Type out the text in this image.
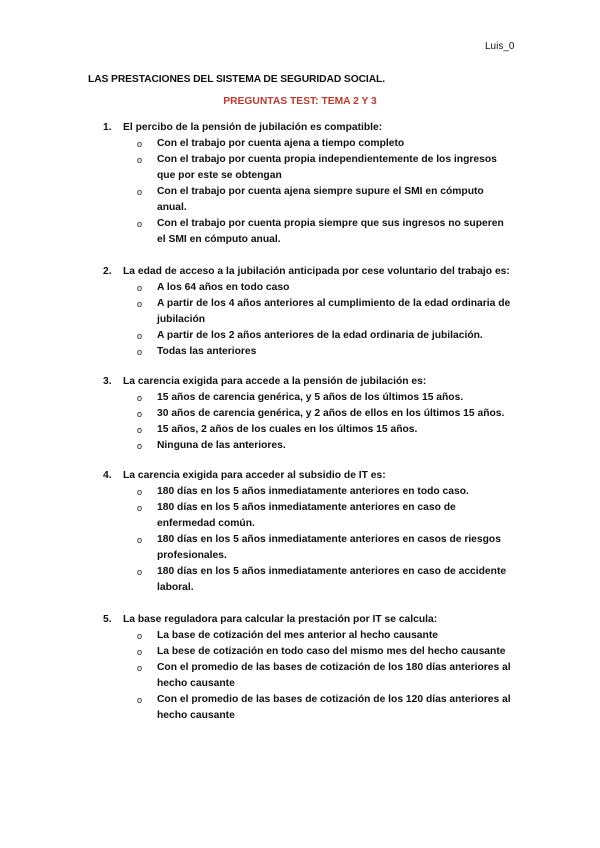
Luis_0
LAS PRESTACIONES DEL SISTEMA DE SEGURIDAD SOCIAL.
PREGUNTAS TEST: TEMA 2 Y 3
1.	El percibo de la pensión de jubilación es compatible:
o	Con el trabajo por cuenta ajena a tiempo completo
o	Con el trabajo por cuenta propia independientemente de los ingresos que por este se obtengan
o	Con el trabajo por cuenta ajena siempre supure el SMI en cómputo anual.
o	Con el trabajo por cuenta propia siempre que sus ingresos no superen el SMI en cómputo anual.
2.	La edad de acceso a la jubilación anticipada por cese voluntario del trabajo es:
o	A los 64 años en todo caso
o	A partir de los 4 años anteriores al cumplimiento de la edad ordinaria de jubilación
o	A partir de los 2 años anteriores de la edad ordinaria de jubilación.
o	Todas las anteriores
3.	La carencia exigida para accede a la pensión de jubilación es:
o	15 años de carencia genérica, y 5 años de los últimos 15 años.
o	30 años de carencia genérica, y 2 años de ellos en los últimos 15 años.
o	15 años, 2 años de los cuales en los últimos 15 años.
o	Ninguna de las anteriores.
4.	La carencia exigida para acceder al subsidio de IT es:
o	180 días en los 5 años inmediatamente anteriores en todo caso.
o	180 días en los 5 años inmediatamente anteriores en caso de enfermedad común.
o	180 días en los 5 años inmediatamente anteriores en casos de riesgos profesionales.
o	180 días en los 5 años inmediatamente anteriores en caso de accidente laboral.
5.	La base reguladora para calcular la prestación por IT se calcula:
o	La base de cotización del mes anterior al hecho causante
o	La bese de cotización en todo caso del mismo mes del hecho causante
o	Con el promedio de las bases de cotización de los 180 días anteriores al hecho causante
o	Con el promedio de las bases de cotización de los 120 días anteriores al hecho causante
